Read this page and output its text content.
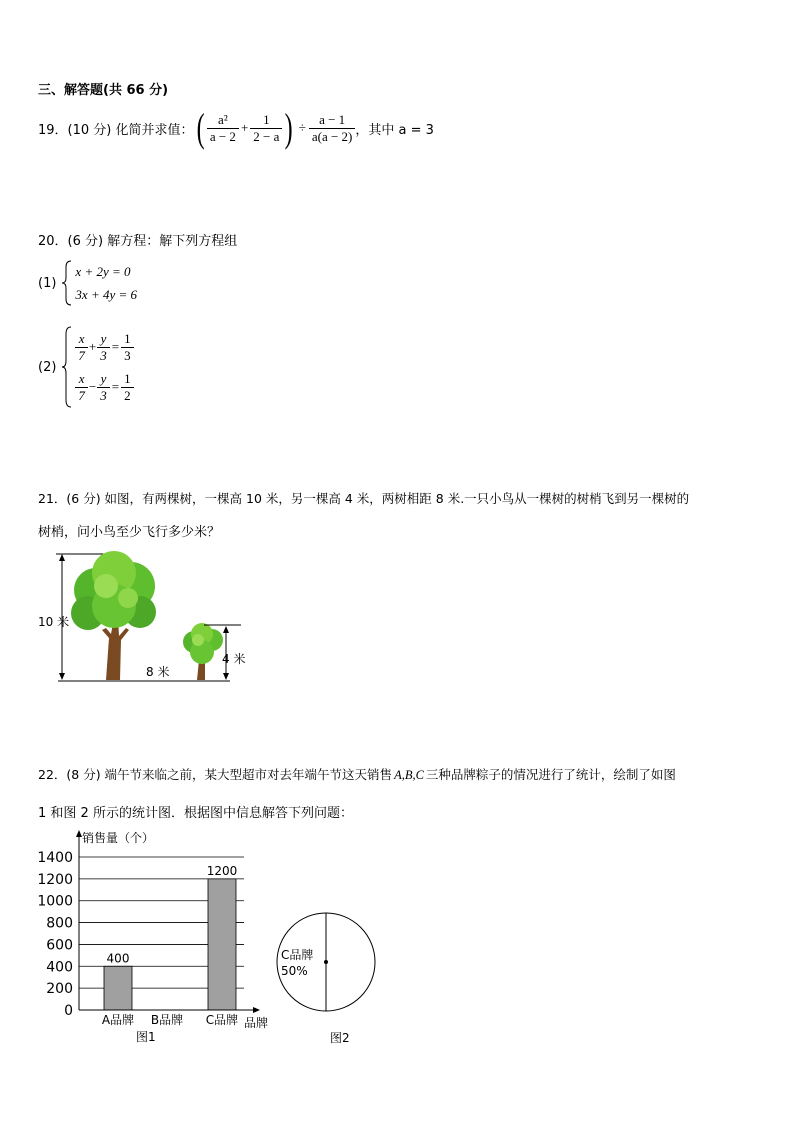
三、解答题(共 66 分)
19．(10 分) 化简并求值： ( $\frac{\text{a²}}{a - 2} + \frac{1}{2 - a}$ ) ÷ $\frac{a - 1}{a(a - 2)}$ ，其中 a = 3
20．(6 分) 解方程：解下列方程组
(1)
x + 2y = 0
3x + 4y = 6
(2)
$\frac{x}{7} + \frac{y}{3} = \frac{1}{3}$
$\frac{x}{7} - \frac{y}{3} = \frac{1}{2}$
21．(6 分) 如图，有两棵树，一棵高 10 米，另一棵高 4 米，两树相距 8 米.一只小鸟从一棵树的树梢飞到另一棵树的
树梢，问小鸟至少飞行多少米？
10 米
4 米
8 米
22．(8 分) 端午节来临之前，某大型超市对去年端午节这天销售 A,B,C 三种品牌粽子的情况进行了统计，绘制了如图
1 和图 2 所示的统计图．根据图中信息解答下列问题：
0
200
400
600
800
1000
1200
1400
A品牌 B品牌 C品牌
400
1200
销售量（个）
品牌
图1
C品牌
50%
图2
